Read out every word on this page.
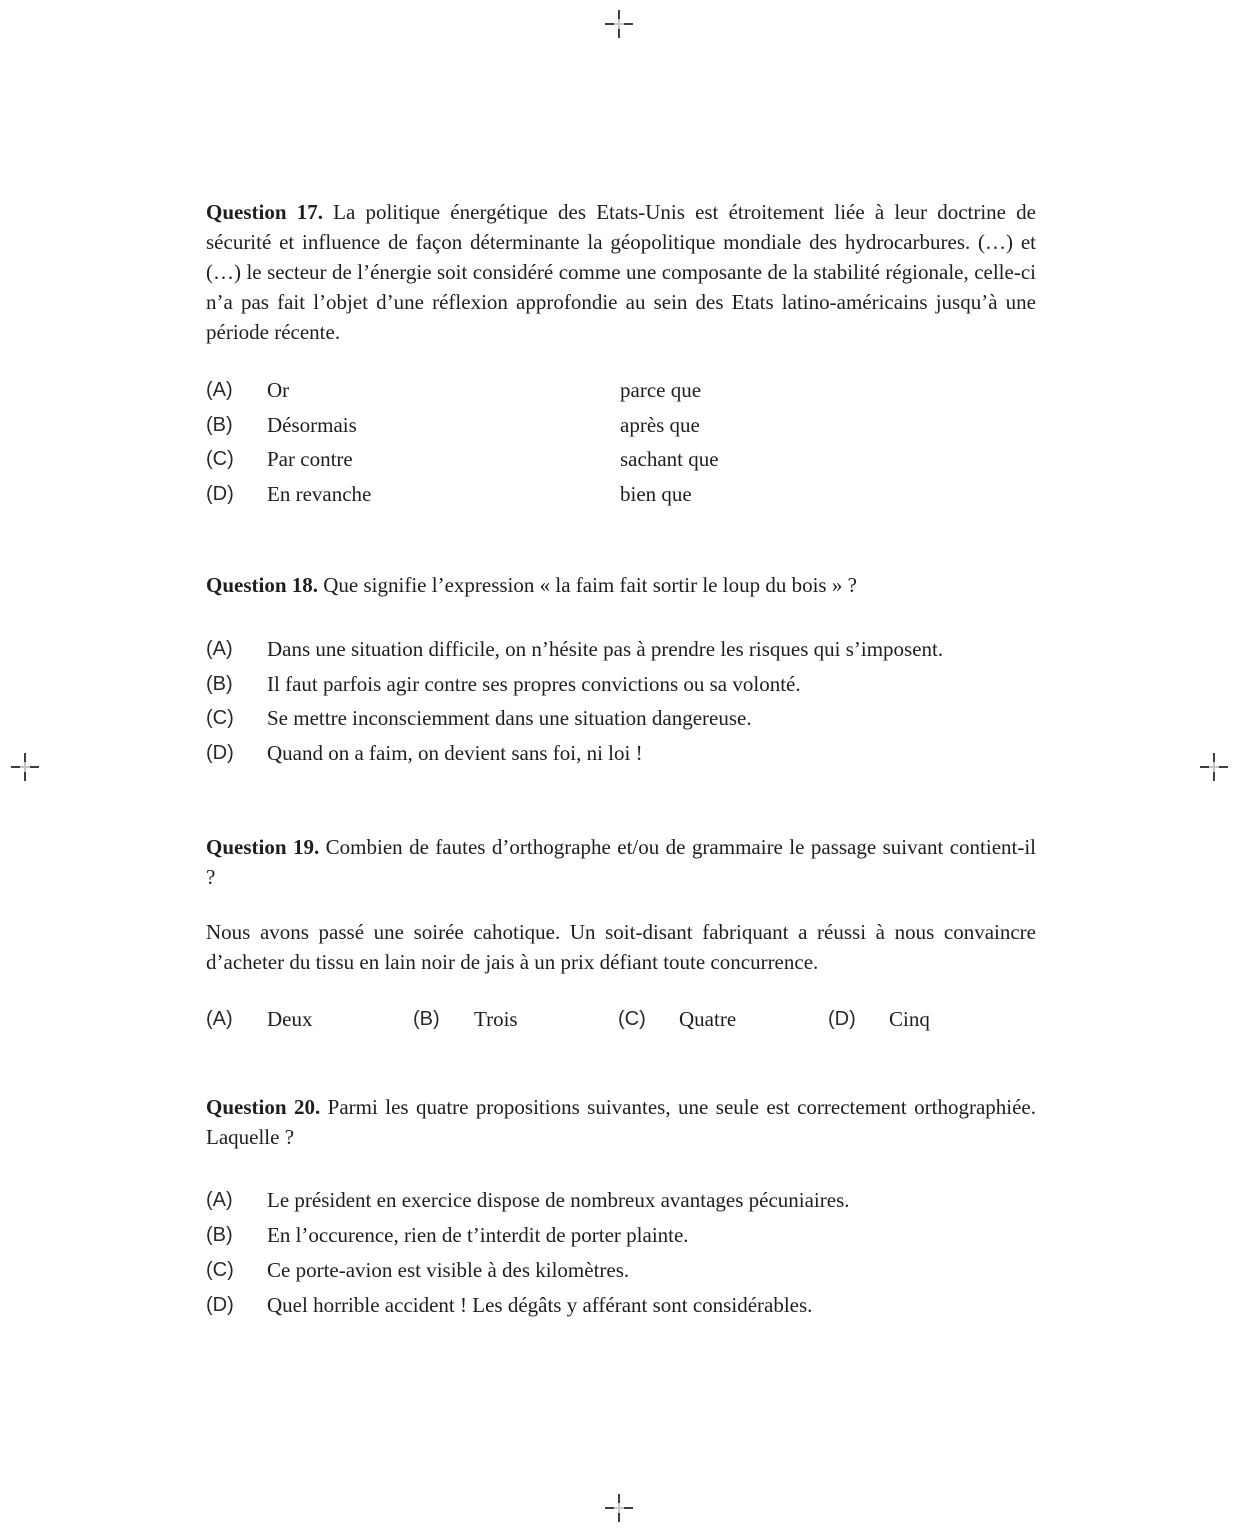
Question 17. La politique énergétique des Etats-Unis est étroitement liée à leur doctrine de sécurité et influence de façon déterminante la géopolitique mondiale des hydrocarbures. (…) et (…) le secteur de l’énergie soit considéré comme une composante de la stabilité régionale, celle-ci n’a pas fait l’objet d’une réflexion approfondie au sein des Etats latino-américains jusqu’à une période récente.

(A)	Or	parce que
(B)	Désormais	après que
(C)	Par contre	sachant que
(D)	En revanche	bien que

Question 18. Que signifie l’expression « la faim fait sortir le loup du bois » ?

(A)	Dans une situation difficile, on n’hésite pas à prendre les risques qui s’imposent.
(B)	Il faut parfois agir contre ses propres convictions ou sa volonté.
(C)	Se mettre inconsciemment dans une situation dangereuse.
(D)	Quand on a faim, on devient sans foi, ni loi !

Question 19. Combien de fautes d’orthographe et/ou de grammaire le passage suivant contient-il ?

Nous avons passé une soirée cahotique. Un soit-disant fabriquant a réussi à nous convaincre d’acheter du tissu en lain noir de jais à un prix défiant toute concurrence.

(A)	Deux	(B)	Trois	(C)	Quatre	(D)	Cinq

Question 20. Parmi les quatre propositions suivantes, une seule est correctement orthographiée. Laquelle ?

(A)	Le président en exercice dispose de nombreux avantages pécuniaires.
(B)	En l’occurence, rien de t’interdit de porter plainte.
(C)	Ce porte-avion est visible à des kilomètres.
(D)	Quel horrible accident ! Les dégâts y afférant sont considérables.
